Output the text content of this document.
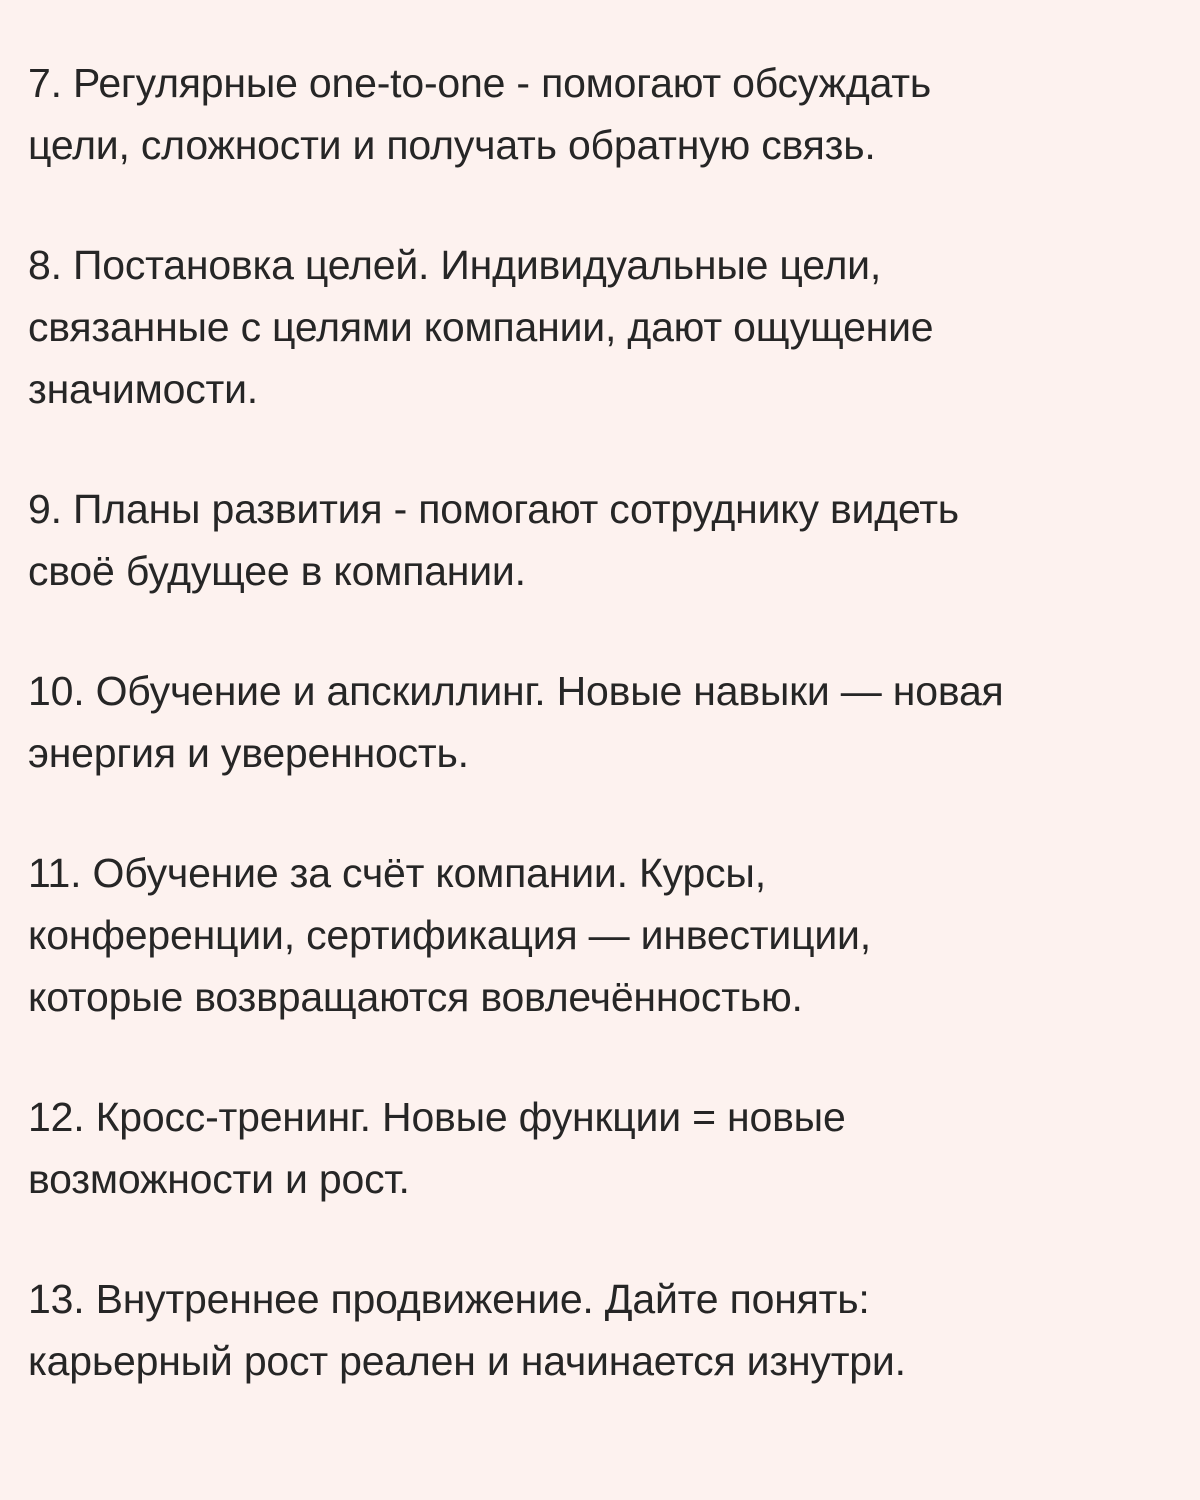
7. Регулярные one-to-one - помогают обсуждать
цели, сложности и получать обратную связь.
8. Постановка целей. Индивидуальные цели,
связанные с целями компании, дают ощущение
значимости.
9. Планы развития - помогают сотруднику видеть
своё будущее в компании.
10. Обучение и апскиллинг. Новые навыки — новая
энергия и уверенность.
11. Обучение за счёт компании. Курсы,
конференции, сертификация — инвестиции,
которые возвращаются вовлечённостью.
12. Кросс-тренинг. Новые функции = новые
возможности и рост.
13. Внутреннее продвижение. Дайте понять:
карьерный рост реален и начинается изнутри.
